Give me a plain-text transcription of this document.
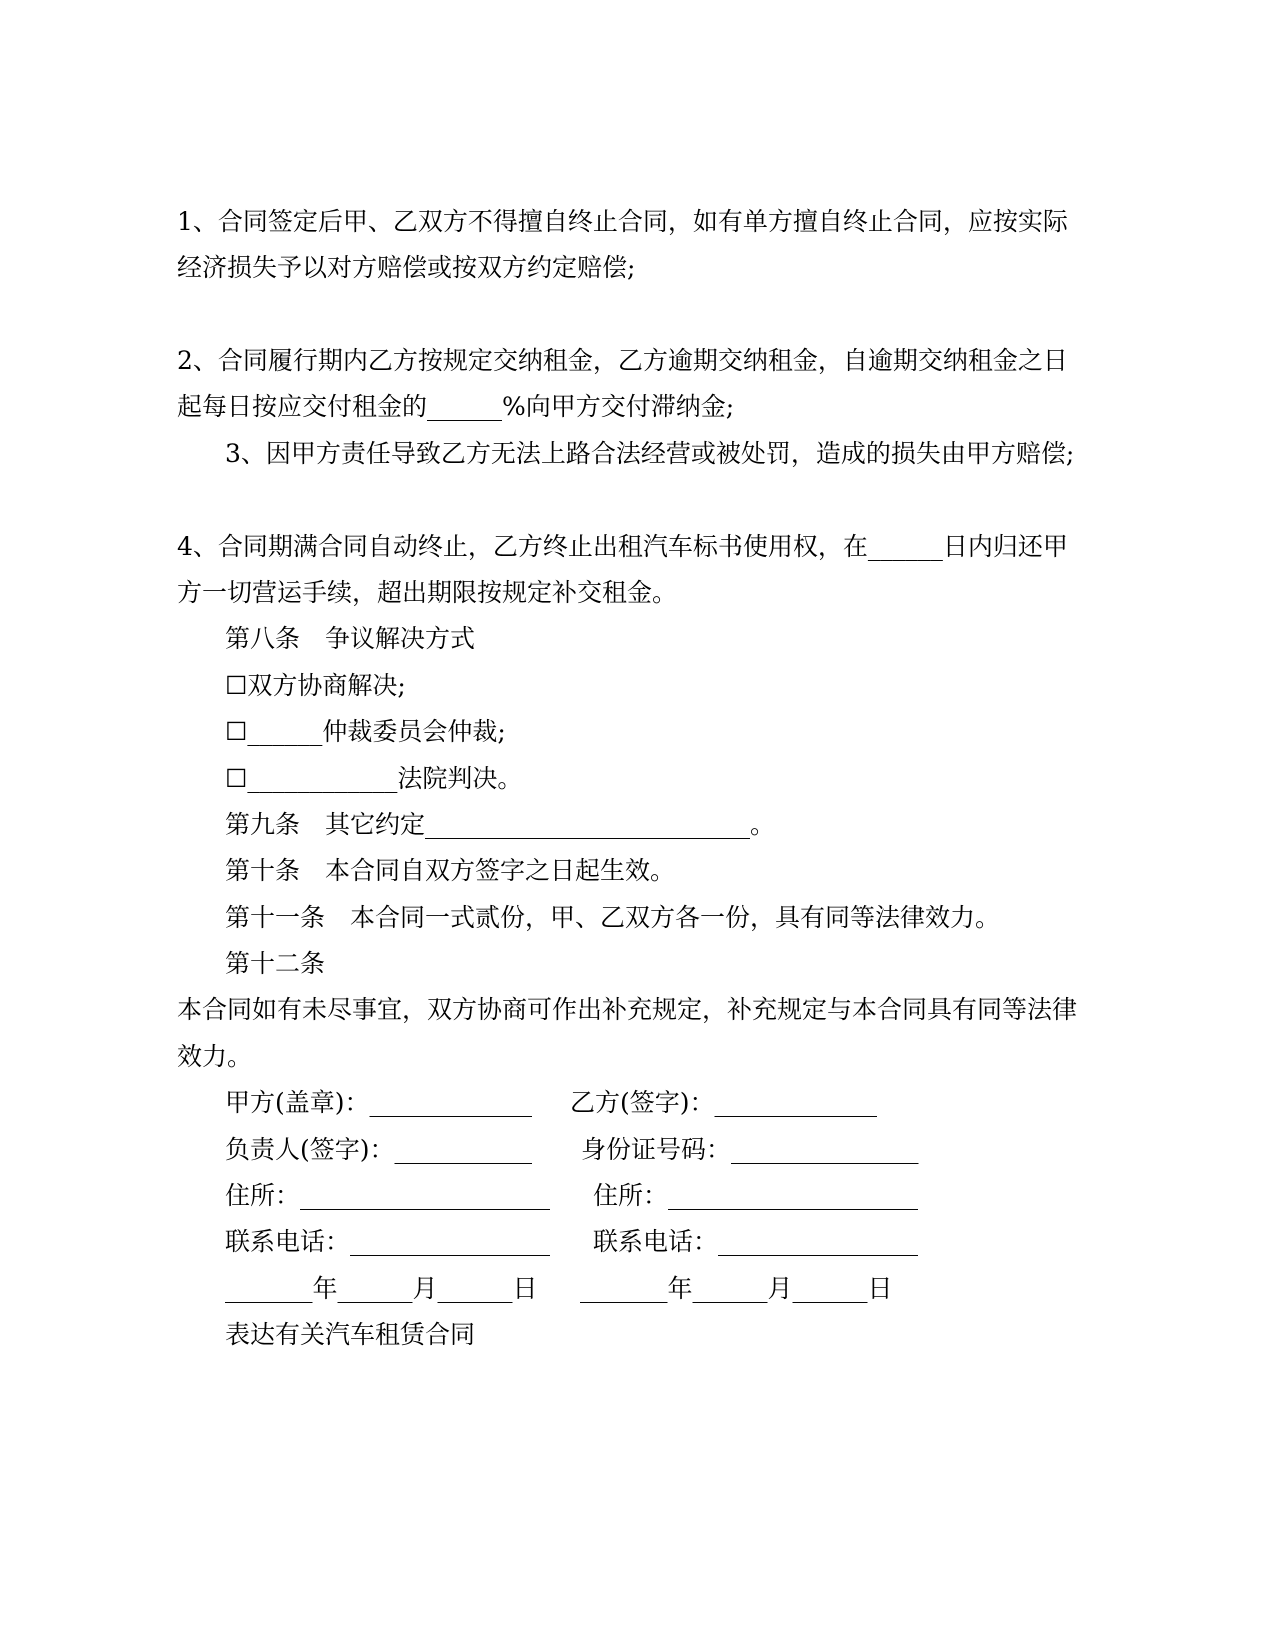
1、合同签定后甲、乙双方不得擅自终止合同，如有单方擅自终止合同，应按实际
经济损失予以对方赔偿或按双方约定赔偿;
2、合同履行期内乙方按规定交纳租金，乙方逾期交纳租金，自逾期交纳租金之日
起每日按应交付租金的______%向甲方交付滞纳金;
3、因甲方责任导致乙方无法上路合法经营或被处罚，造成的损失由甲方赔偿;
4、合同期满合同自动终止，乙方终止出租汽车标书使用权，在______日内归还甲
方一切营运手续，超出期限按规定补交租金。
第八条　争议解决方式
☐双方协商解决;
☐______仲裁委员会仲裁;
☐____________法院判决。
第九条　其它约定__________________________。
第十条　本合同自双方签字之日起生效。
第十一条　本合同一式贰份，甲、乙双方各一份，具有同等法律效力。
第十二条
本合同如有未尽事宜，双方协商可作出补充规定，补充规定与本合同具有同等法律
效力。

甲方(盖章)：_____________

乙方(签字)：_____________

负责人(签字)：___________

身份证号码：_______________

住所：____________________

住所：____________________

联系电话：________________

联系电话：________________

_______年______月______日

_______年______月______日

表达有关汽车租赁合同
